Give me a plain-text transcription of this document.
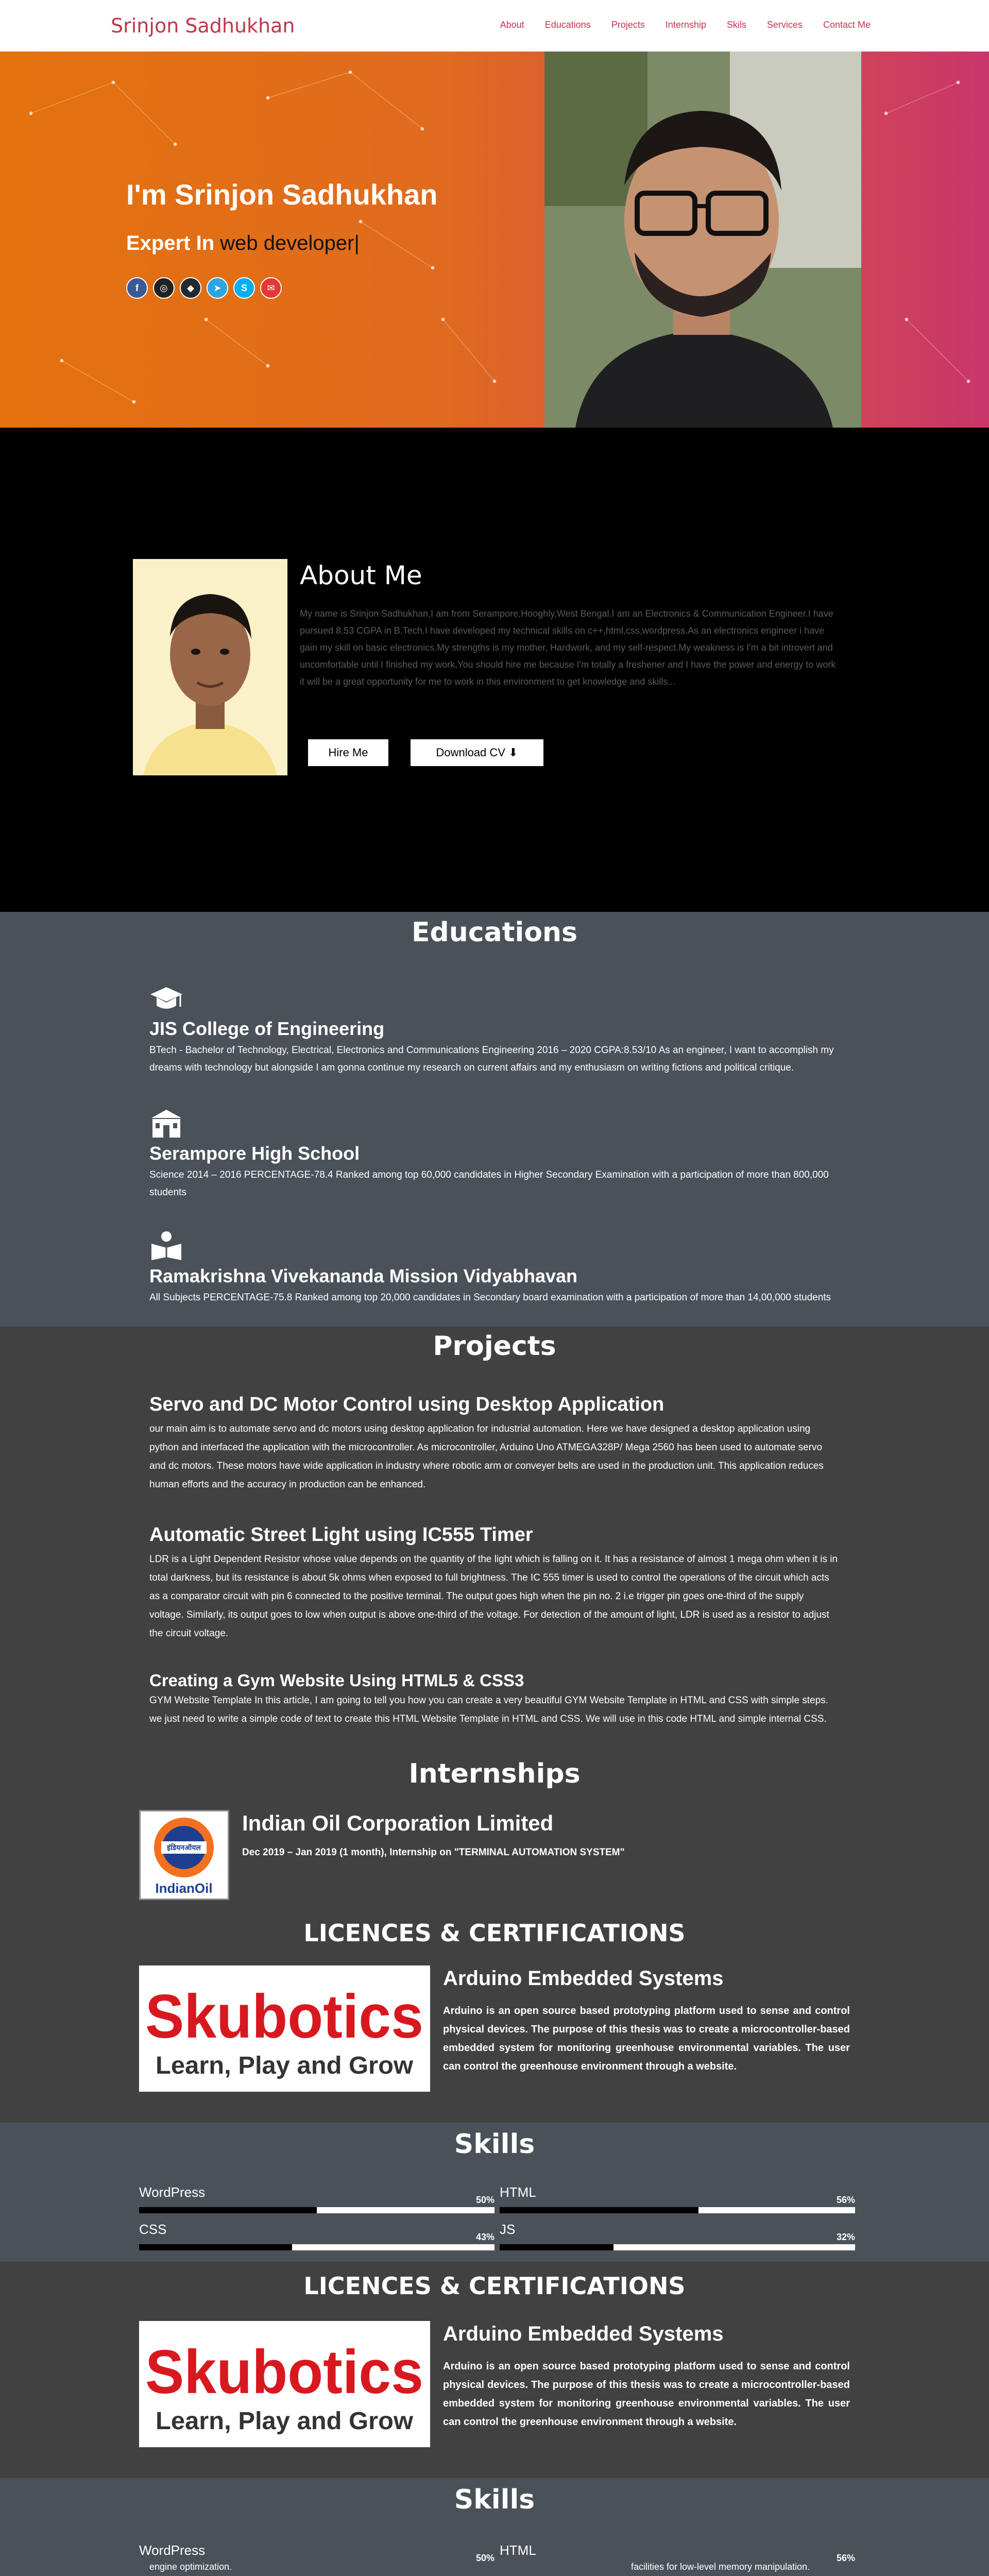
Srinjon Sadhukhan	About Educations Projects Internship Skils Services Contact Me
I'm Srinjon Sadhukhan
Expert In web developer|
f	◎	◆	➤	S	✉
About Me
My name is Srinjon Sadhukhan,I am from Serampore,Hooghly,West Bengal.I am an Electronics & Communication Engineer.I have pursued 8.53 CGPA in B.Tech.I have developed my technical skills on c++,html,css,wordpress.As an electronics engineer i have gain my skill on basic electronics.My strengths is my mother, Hardwork, and my self-respect.My weakness is I'm a bit introvert and uncomfortable until I finished my work.You should hire me because I'm totally a freshener and I have the power and energy to work it will be a great opportunity for me to work in this environment to get knowledge and skills...
Hire Me	Download CV ⬇
Educations
JIS College of Engineering
BTech - Bachelor of Technology, Electrical, Electronics and Communications Engineering 2016 – 2020 CGPA:8.53/10 As an engineer, I want to accomplish my dreams with technology but alongside I am gonna continue my research on current affairs and my enthusiasm on writing fictions and political critique.
Serampore High School
Science 2014 – 2016 PERCENTAGE-78.4 Ranked among top 60,000 candidates in Higher Secondary Examination with a participation of more than 800,000 students
Ramakrishna Vivekananda Mission Vidyabhavan
All Subjects PERCENTAGE-75.8 Ranked among top 20,000 candidates in Secondary board examination with a participation of more than 14,00,000 students
Projects
Servo and DC Motor Control using Desktop Application
our main aim is to automate servo and dc motors using desktop application for industrial automation. Here we have designed a desktop application using python and interfaced the application with the microcontroller. As microcontroller, Arduino Uno ATMEGA328P/ Mega 2560 has been used to automate servo and dc motors. These motors have wide application in industry where robotic arm or conveyer belts are used in the production unit. This application reduces human efforts and the accuracy in production can be enhanced.
Automatic Street Light using IC555 Timer
LDR is a Light Dependent Resistor whose value depends on the quantity of the light which is falling on it. It has a resistance of almost 1 mega ohm when it is in total darkness, but its resistance is about 5k ohms when exposed to full brightness. The IC 555 timer is used to control the operations of the circuit which acts as a comparator circuit with pin 6 connected to the positive terminal. The output goes high when the pin no. 2 i.e trigger pin goes one-third of the supply voltage. Similarly, its output goes to low when output is above one-third of the voltage. For detection of the amount of light, LDR is used as a resistor to adjust the circuit voltage.
Creating a Gym Website Using HTML5 & CSS3
GYM Website Template In this article, I am going to tell you how you can create a very beautiful GYM Website Template in HTML and CSS with simple steps. we just need to write a simple code of text to create this HTML Website Template in HTML and CSS. We will use in this code HTML and simple internal CSS.
Internships
इंडियनऑयल
IndianOil
Indian Oil Corporation Limited
Dec 2019 – Jan 2019 (1 month), Internship on "TERMINAL AUTOMATION SYSTEM"
LICENCES & CERTIFICATIONS
Skubotics
Learn, Play and Grow
Arduino Embedded Systems
Arduino is an open source based prototyping platform used to sense and control physical devices. The purpose of this thesis was to create a microcontroller-based embedded system for monitoring greenhouse environmental variables. The user can control the greenhouse environment through a website.
Skills
WordPress	50% HTML	56%
CSS	43% JS	32%
LICENCES & CERTIFICATIONS
Skubotics
Learn, Play and Grow
Arduino Embedded Systems
Arduino is an open source based prototyping platform used to sense and control physical devices. The purpose of this thesis was to create a microcontroller-based embedded system for monitoring greenhouse environmental variables. The user can control the greenhouse environment through a website.
Skills
WordPress	50% HTML	56%
engine optimization.	facilities for low-level memory manipulation.
